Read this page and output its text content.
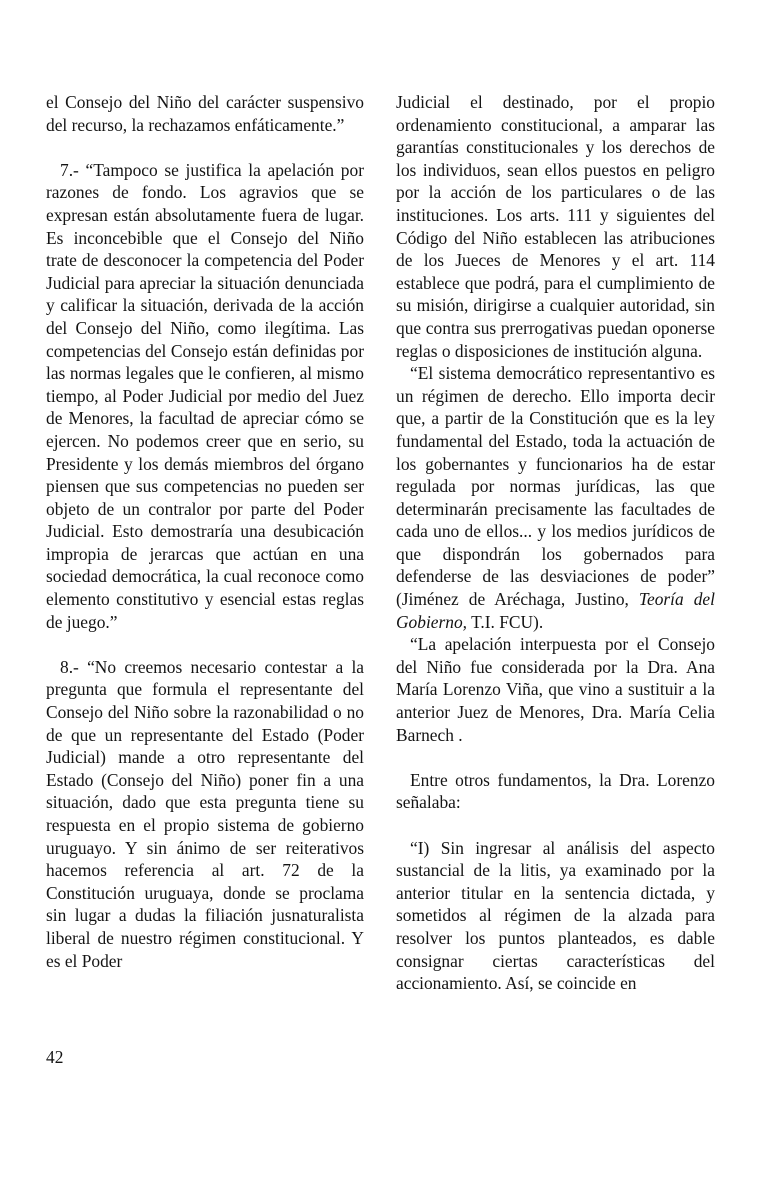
el Consejo del Niño del carácter suspensivo del recurso, la rechazamos enfáticamente.”

7.- “Tampoco se justifica la apelación por razones de fondo. Los agravios que se expresan están absolutamente fuera de lugar. Es inconcebible que el Consejo del Niño trate de desconocer la competencia del Poder Judicial para apreciar la situación denunciada y calificar la situación, derivada de la acción del Consejo del Niño, como ilegítima. Las competencias del Consejo están definidas por las normas legales que le confieren, al mismo tiempo, al Poder Judicial por medio del Juez de Menores, la facultad de apreciar cómo se ejercen. No podemos creer que en serio, su Presidente y los demás miembros del órgano piensen que sus competencias no pueden ser objeto de un contralor por parte del Poder Judicial. Esto demostraría una desubicación impropia de jerarcas que actúan en una sociedad democrática, la cual reconoce como elemento constitutivo y esencial estas reglas de juego.”

8.- “No creemos necesario contestar a la pregunta que formula el representante del Consejo del Niño sobre la razonabilidad o no de que un representante del Estado (Poder Judicial) mande a otro representante del Estado (Consejo del Niño) poner fin a una situación, dado que esta pregunta tiene su respuesta en el propio sistema de gobierno uruguayo. Y sin ánimo de ser reiterativos hacemos referencia al art. 72 de la Constitución uruguaya, donde se proclama sin lugar a dudas la filiación jusnaturalista liberal de nuestro régimen constitucional. Y es el Poder

Judicial el destinado, por el propio ordenamiento constitucional, a amparar las garantías constitucionales y los derechos de los individuos, sean ellos puestos en peligro por la acción de los particulares o de las instituciones. Los arts. 111 y siguientes del Código del Niño establecen las atribuciones de los Jueces de Menores y el art. 114 establece que podrá, para el cumplimiento de su misión, dirigirse a cualquier autoridad, sin que contra sus prerrogativas puedan oponerse reglas o disposiciones de institución alguna.

“El sistema democrático representantivo es un régimen de derecho. Ello importa decir que, a partir de la Constitución que es la ley fundamental del Estado, toda la actuación de los gobernantes y funcionarios ha de estar regulada por normas jurídicas, las que determinarán precisamente las facultades de cada uno de ellos... y los medios jurídicos de que dispondrán los gobernados para defenderse de las desviaciones de poder” (Jiménez de Aréchaga, Justino, Teoría del Gobierno, T.I. FCU).

“La apelación interpuesta por el Consejo del Niño fue considerada por la Dra. Ana María Lorenzo Viña, que vino a sustituir a la anterior Juez de Menores, Dra. María Celia Barnech .

Entre otros fundamentos, la Dra. Lorenzo señalaba:

“I) Sin ingresar al análisis del aspecto sustancial de la litis, ya examinado por la anterior titular en la sentencia dictada, y sometidos al régimen de la alzada para resolver los puntos planteados, es dable consignar ciertas características del accionamiento. Así, se coincide en

42
